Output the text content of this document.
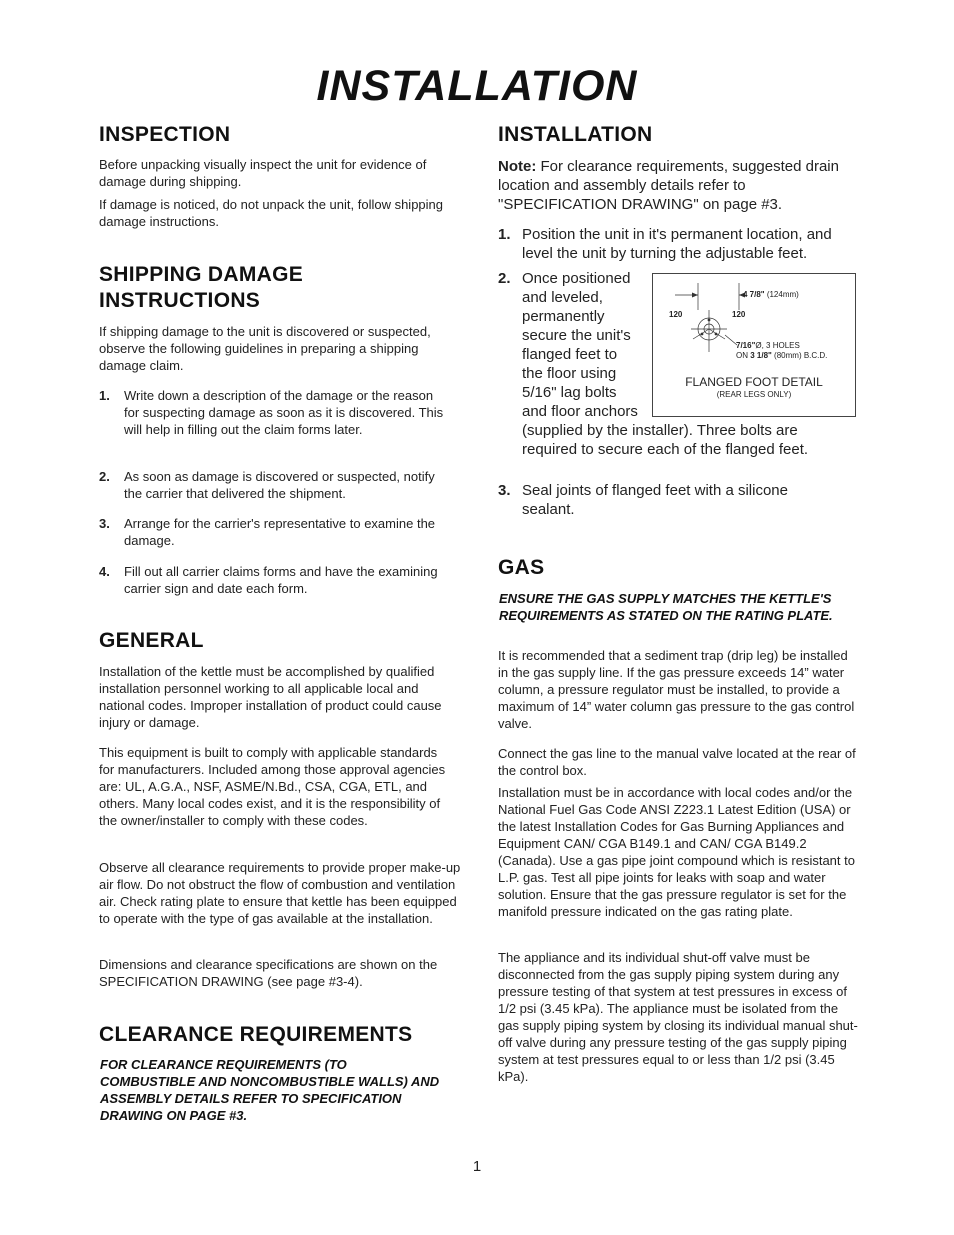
INSTALLATION
INSPECTION

Before unpacking visually inspect the unit for evidence of damage during shipping.

If damage is noticed, do not unpack the unit, follow shipping damage instructions.

SHIPPING DAMAGE
INSTRUCTIONS

If shipping damage to the unit is discovered or suspected, observe the following guidelines in preparing a shipping damage claim.

1. Write down a description of the damage or the reason for suspecting damage as soon as it is discovered. This will help in filling out the claim forms later.
2. As soon as damage is discovered or suspected, notify the carrier that delivered the shipment.
3. Arrange for the carrier's representative to examine the damage.
4. Fill out all carrier claims forms and have the examining carrier sign and date each form.
GENERAL

Installation of the kettle must be accomplished by qualified installation personnel working to all applicable local and national codes. Improper installation of product could cause injury or damage.

This equipment is built to comply with applicable standards for manufacturers. Included among those approval agencies are: UL, A.G.A., NSF, ASME/N.Bd., CSA, CGA, ETL, and others. Many local codes exist, and it is the responsibility of the owner/installer to comply with these codes.

Observe all clearance requirements to provide proper make-up air flow. Do not obstruct the flow of combustion and ventilation air. Check rating plate to ensure that kettle has been equipped to operate with the type of gas available at the installation.

Dimensions and clearance specifications are shown on the SPECIFICATION DRAWING (see page #3-4).

CLEARANCE REQUIREMENTS

FOR CLEARANCE REQUIREMENTS (TO COMBUSTIBLE AND NONCOMBUSTIBLE WALLS) AND ASSEMBLY DETAILS REFER TO SPECIFICATION DRAWING ON PAGE #3.

INSTALLATION

Note: For clearance requirements, suggested drain location and assembly details refer to "SPECIFICATION DRAWING" on page #3.

1. Position the unit in it's permanent location, and level the unit by turning the adjustable feet.
2. Once positioned and leveled, permanently secure the unit's flanged feet to the floor using 5/16" lag bolts and floor anchors
(supplied by the installer). Three bolts are required to secure each of the flanged feet.
3. Seal joints of flanged feet with a silicone sealant.
4 7/8" (124mm)
120	120
7/16"Ø, 3 HOLES
ON 3 1/8" (80mm) B.C.D.
FLANGED FOOT DETAIL
(REAR LEGS ONLY)
GAS

ENSURE THE GAS SUPPLY MATCHES THE KETTLE'S REQUIREMENTS AS STATED ON THE RATING PLATE.

It is recommended that a sediment trap (drip leg) be installed in the gas supply line. If the gas pressure exceeds 14” water column, a pressure regulator must be installed, to provide a maximum of 14” water column gas pressure to the gas control valve.

Connect the gas line to the manual valve located at the rear of the control box.

Installation must be in accordance with local codes and/or the National Fuel Gas Code ANSI Z223.1 Latest Edition (USA) or the latest Installation Codes for Gas Burning Appliances and Equipment CAN/ CGA B149.1 and CAN/ CGA B149.2 (Canada). Use a gas pipe joint compound which is resistant to L.P. gas. Test all pipe joints for leaks with soap and water solution. Ensure that the gas pressure regulator is set for the manifold pressure indicated on the gas rating plate.

The appliance and its individual shut-off valve must be disconnected from the gas supply piping system during any pressure testing of that system at test pressures in excess of 1/2 psi (3.45 kPa). The appliance must be isolated from the gas supply piping system by closing its individual manual shut-off valve during any pressure testing of the gas supply piping system at test pressures equal to or less than 1/2 psi (3.45 kPa).

1
